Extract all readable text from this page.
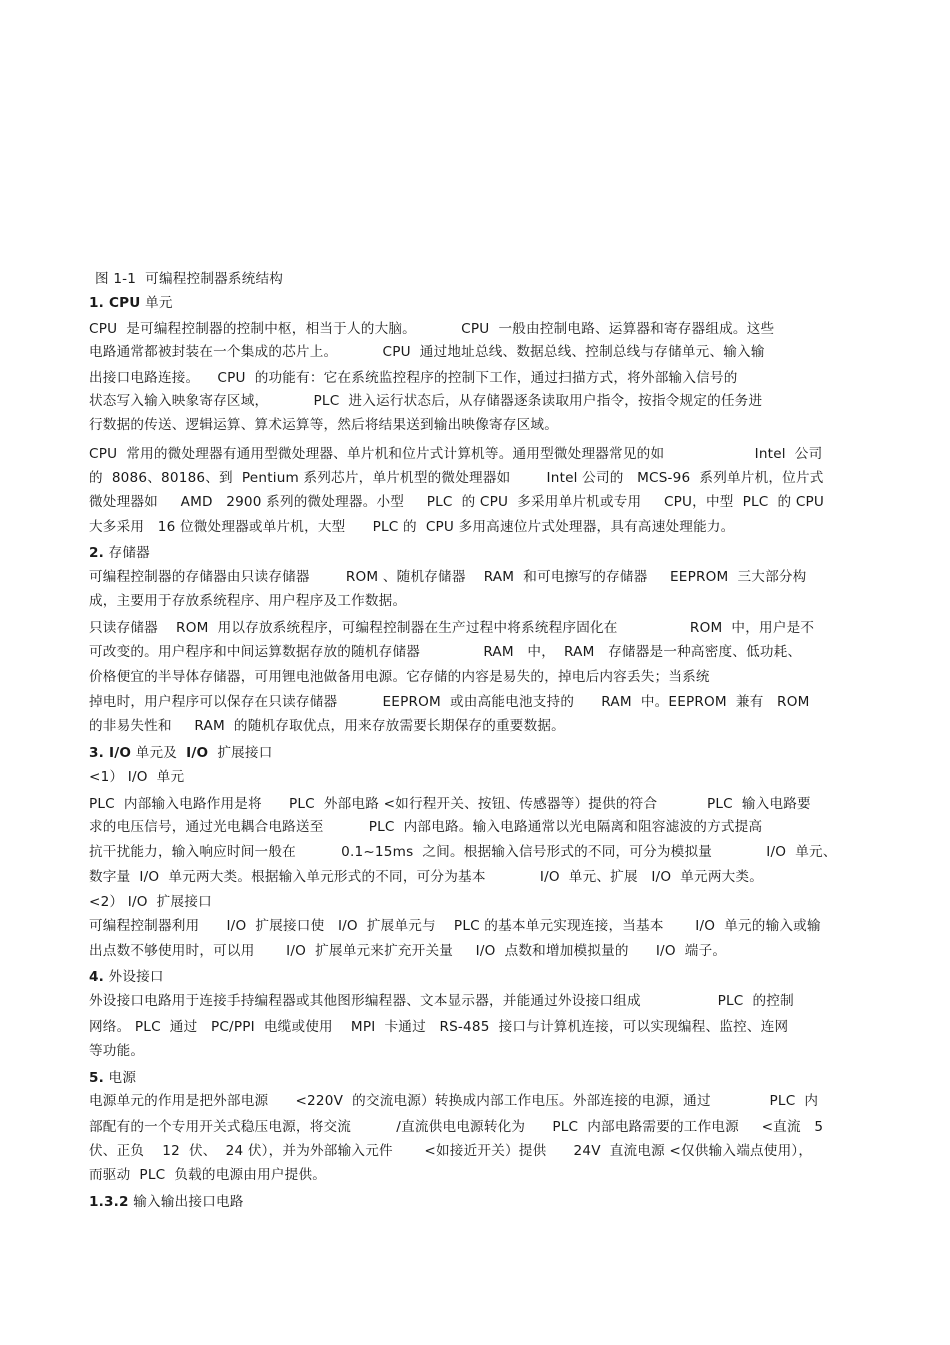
图 1-1  可编程控制器系统结构
1. CPU 单元
CPU  是可编程控制器的控制中枢，相当于人的大脑。          CPU  一般由控制电路、运算器和寄存器组成。这些
电路通常都被封装在一个集成的芯片上。          CPU  通过地址总线、数据总线、控制总线与存储单元、输入输
出接口电路连接。    CPU  的功能有：它在系统监控程序的控制下工作，通过扫描方式，将外部输入信号的
状态写入输入映象寄存区域，          PLC  进入运行状态后，从存储器逐条读取用户指令，按指令规定的任务进
行数据的传送、逻辑运算、算术运算等，然后将结果送到输出映像寄存区域。
CPU  常用的微处理器有通用型微处理器、单片机和位片式计算机等。通用型微处理器常见的如                    Intel  公司
的  8086、80186、到  Pentium 系列芯片，单片机型的微处理器如        Intel 公司的   MCS-96  系列单片机，位片式
微处理器如     AMD   2900 系列的微处理器。小型     PLC  的 CPU  多采用单片机或专用     CPU，中型  PLC  的 CPU
大多采用   16 位微处理器或单片机，大型      PLC 的  CPU 多用高速位片式处理器，具有高速处理能力。
2. 存储器
可编程控制器的存储器由只读存储器        ROM 、随机存储器    RAM  和可电擦写的存储器     EEPROM  三大部分构
成，主要用于存放系统程序、用户程序及工作数据。
只读存储器    ROM  用以存放系统程序，可编程控制器在生产过程中将系统程序固化在                ROM  中，用户是不
可改变的。用户程序和中间运算数据存放的随机存储器              RAM   中，  RAM   存储器是一种高密度、低功耗、
价格便宜的半导体存储器，可用锂电池做备用电源。它存储的内容是易失的，掉电后内容丢失；当系统
掉电时，用户程序可以保存在只读存储器          EEPROM  或由高能电池支持的      RAM  中。EEPROM  兼有   ROM
的非易失性和     RAM  的随机存取优点，用来存放需要长期保存的重要数据。
3. I/O 单元及  I/O  扩展接口
<1） I/O  单元
PLC  内部输入电路作用是将      PLC  外部电路 <如行程开关、按钮、传感器等）提供的符合           PLC  输入电路要
求的电压信号，通过光电耦合电路送至          PLC  内部电路。输入电路通常以光电隔离和阻容滤波的方式提高
抗干扰能力，输入响应时间一般在          0.1~15ms  之间。根据输入信号形式的不同，可分为模拟量            I/O  单元、
数字量  I/O  单元两大类。根据输入单元形式的不同，可分为基本            I/O  单元、扩展   I/O  单元两大类。
<2） I/O  扩展接口
可编程控制器利用      I/O  扩展接口使   I/O  扩展单元与    PLC 的基本单元实现连接，当基本       I/O  单元的输入或输
出点数不够使用时，可以用       I/O  扩展单元来扩充开关量     I/O  点数和增加模拟量的      I/O  端子。
4. 外设接口
外设接口电路用于连接手持编程器或其他图形编程器、文本显示器，并能通过外设接口组成                 PLC  的控制
网络。 PLC  通过   PC/PPI  电缆或使用    MPI  卡通过   RS-485  接口与计算机连接，可以实现编程、监控、连网
等功能。
5. 电源
电源单元的作用是把外部电源      <220V  的交流电源）转换成内部工作电压。外部连接的电源，通过             PLC  内
部配有的一个专用开关式稳压电源，将交流          /直流供电电源转化为      PLC  内部电路需要的工作电源     <直流   5
伏、正负    12  伏、  24 伏），并为外部输入元件       <如接近开关）提供      24V  直流电源 <仅供输入端点使用），
而驱动  PLC  负载的电源由用户提供。
1.3.2 输入输出接口电路
